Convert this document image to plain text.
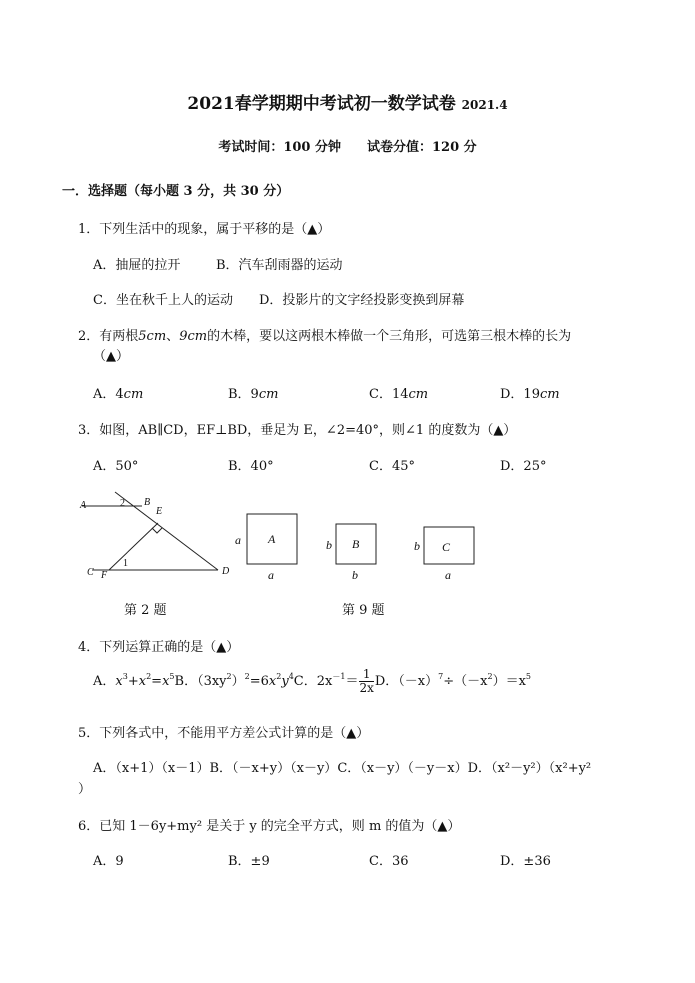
2021春学期期中考试初一数学试卷 2021.4
考试时间：100 分钟 试卷分值：120 分
一．选择题（每小题 3 分，共 30 分）
1．下列生活中的现象，属于平移的是（▲）
A．抽屉的拉开	B．汽车刮雨器的运动
C．坐在秋千上人的运动 D．投影片的文字经投影变换到屏幕
2．有两根5cm、9cm的木棒，要以这两根木棒做一个三角形，可选第三根木棒的长为
（▲）
A．4cm	B．9cm	C．14cm	D．19cm
3．如图，AB∥CD，EF⊥BD，垂足为 E，∠2=40°，则∠1 的度数为（▲）
A．50°	B．40°	C．45°	D．25°
A	2 B
E
C F
1
D
A
a
a
B
b
b
C
b
a
第 2 题	第 9 题
4．下列运算正确的是（▲）
A．$x^3+x^2=x^5B$．$(3xy^2)^2=6x^2y^4C$．$2x^{-1}= \frac{1}{2x}$ D．$(-x)^7\div(-x^2)=x^5$
5．下列各式中，不能用平方差公式计算的是（▲）
A．（x+1）（x－1）B．（－x+y）（x－y）C．（x－y）（－y－x）D．（x²－y²）（x²+y²
）
6．已知 1－6y+my² 是关于 y 的完全平方式，则 m 的值为（▲）
A．9	B．±9	C．36	D．±36
